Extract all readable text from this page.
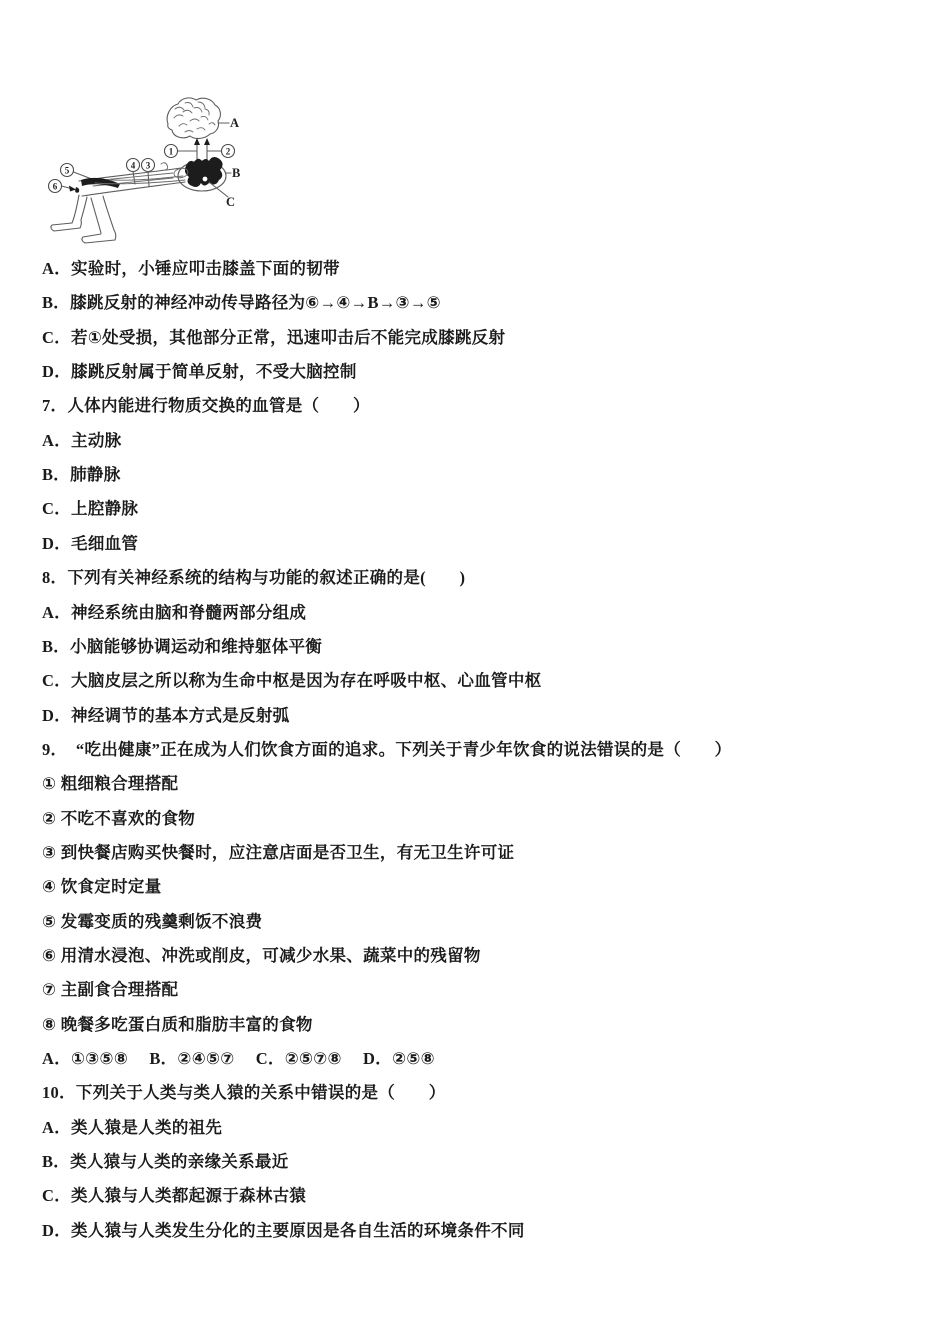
A
1	2
B
C
4 3
5
6
A．实验时，小锤应叩击膝盖下面的韧带
B．膝跳反射的神经冲动传导路径为⑥→④→B→③→⑤
C．若①处受损，其他部分正常，迅速叩击后不能完成膝跳反射
D．膝跳反射属于简单反射，不受大脑控制
7．人体内能进行物质交换的血管是（　　）
A．主动脉
B．肺静脉
C．上腔静脉
D．毛细血管
8．下列有关神经系统的结构与功能的叙述正确的是(　　)
A．神经系统由脑和脊髓两部分组成
B．小脑能够协调运动和维持躯体平衡
C．大脑皮层之所以称为生命中枢是因为存在呼吸中枢、心血管中枢
D．神经调节的基本方式是反射弧
9．　“吃出健康”正在成为人们饮食方面的追求。下列关于青少年饮食的说法错误的是（　　）
① 粗细粮合理搭配
② 不吃不喜欢的食物
③ 到快餐店购买快餐时，应注意店面是否卫生，有无卫生许可证
④ 饮食定时定量
⑤ 发霉变质的残羹剩饭不浪费
⑥ 用清水浸泡、冲洗或削皮，可减少水果、蔬菜中的残留物
⑦ 主副食合理搭配
⑧ 晚餐多吃蛋白质和脂肪丰富的食物
A．①③⑤⑧　 B．②④⑤⑦　 C．②⑤⑦⑧　 D．②⑤⑧
10．下列关于人类与类人猿的关系中错误的是（　　）
A．类人猿是人类的祖先
B．类人猿与人类的亲缘关系最近
C．类人猿与人类都起源于森林古猿
D．类人猿与人类发生分化的主要原因是各自生活的环境条件不同
